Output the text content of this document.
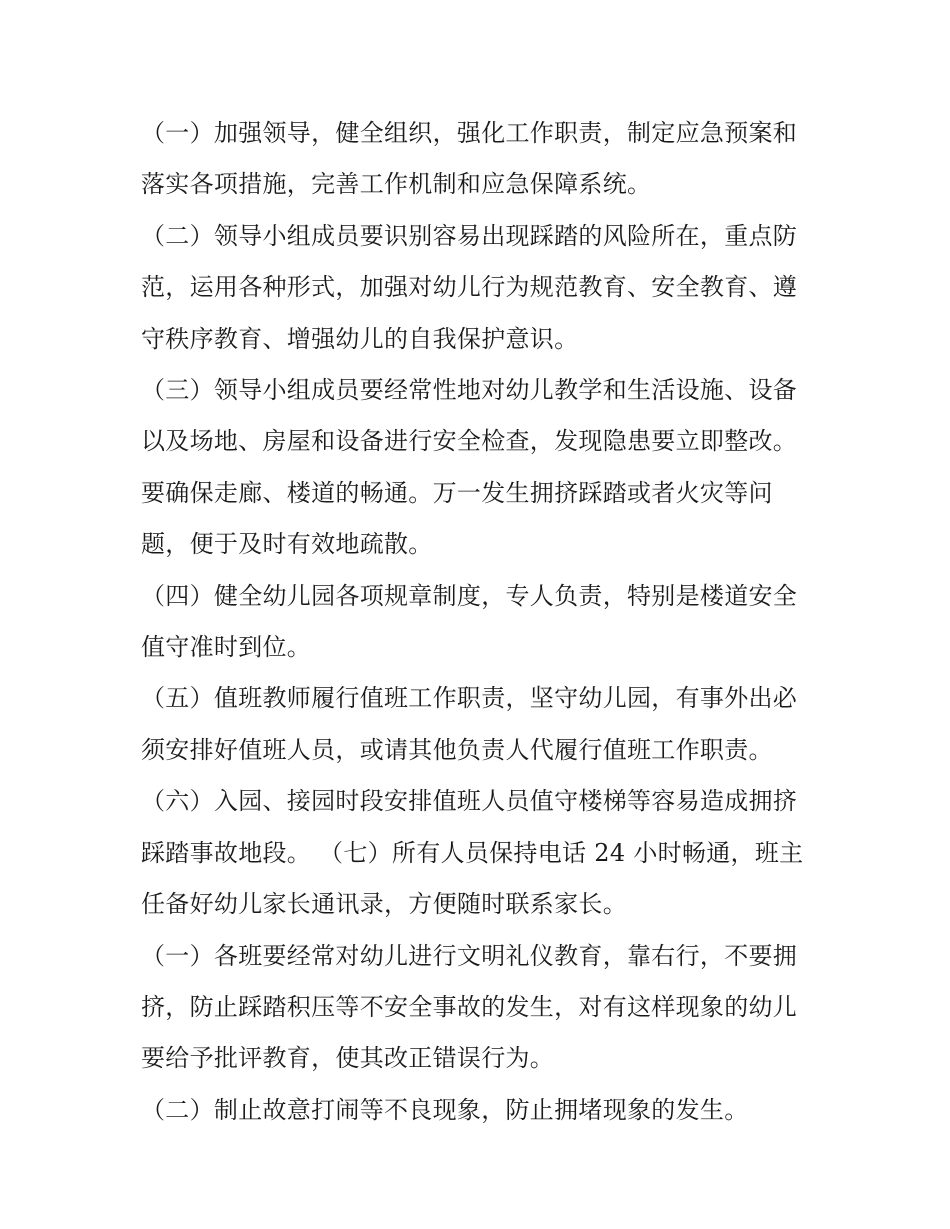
（一）加强领导，健全组织，强化工作职责，制定应急预案和落实各项措施，完善工作机制和应急保障系统。

（二）领导小组成员要识别容易出现踩踏的风险所在，重点防范，运用各种形式，加强对幼儿行为规范教育、安全教育、遵守秩序教育、增强幼儿的自我保护意识。

（三）领导小组成员要经常性地对幼儿教学和生活设施、设备以及场地、房屋和设备进行安全检查，发现隐患要立即整改。要确保走廊、楼道的畅通。万一发生拥挤踩踏或者火灾等问题，便于及时有效地疏散。

（四）健全幼儿园各项规章制度，专人负责，特别是楼道安全值守准时到位。

（五）值班教师履行值班工作职责，坚守幼儿园，有事外出必须安排好值班人员，或请其他负责人代履行值班工作职责。

（六）入园、接园时段安排值班人员值守楼梯等容易造成拥挤踩踏事故地段。 （七）所有人员保持电话 24 小时畅通，班主任备好幼儿家长通讯录，方便随时联系家长。

（一）各班要经常对幼儿进行文明礼仪教育，靠右行，不要拥挤，防止踩踏积压等不安全事故的发生，对有这样现象的幼儿要给予批评教育，使其改正错误行为。

（二）制止故意打闹等不良现象，防止拥堵现象的发生。
